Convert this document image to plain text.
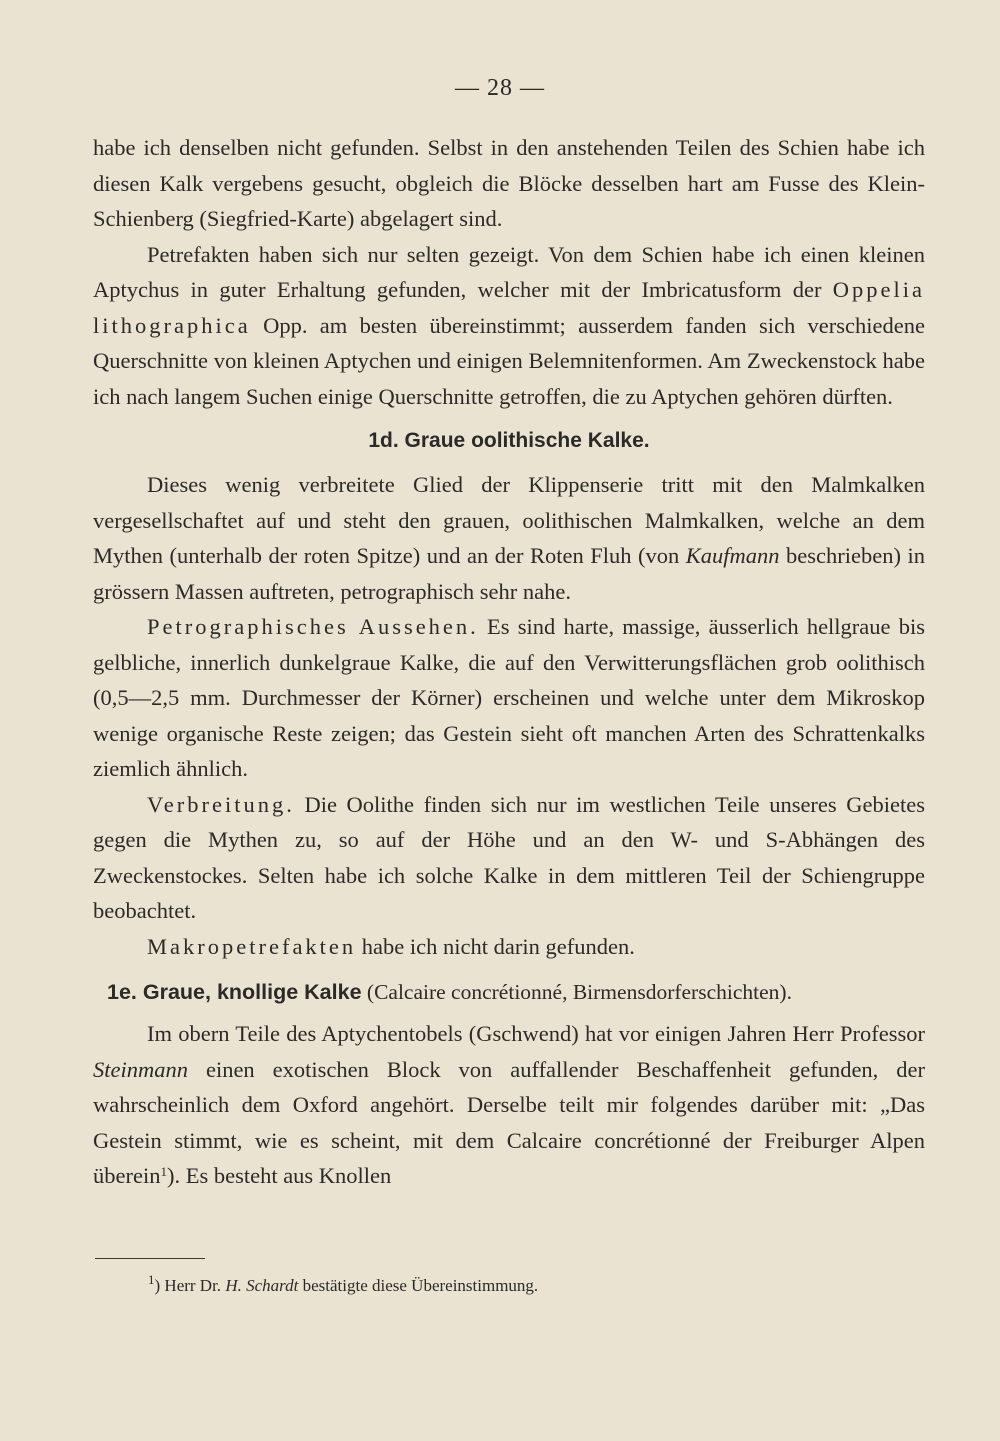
— 28 —

habe ich denselben nicht gefunden. Selbst in den anstehenden Teilen des Schien habe ich diesen Kalk vergebens gesucht, obgleich die Blöcke desselben hart am Fusse des Klein-Schienberg (Siegfried-Karte) abgelagert sind.

Petrefakten haben sich nur selten gezeigt. Von dem Schien habe ich einen kleinen Aptychus in guter Erhaltung gefunden, welcher mit der Imbricatusform der Oppelia lithographica Opp. am besten übereinstimmt; ausserdem fanden sich verschiedene Querschnitte von kleinen Aptychen und einigen Belemnitenformen. Am Zweckenstock habe ich nach langem Suchen einige Querschnitte getroffen, die zu Aptychen gehören dürften.

1d. Graue oolithische Kalke.

Dieses wenig verbreitete Glied der Klippenserie tritt mit den Malmkalken vergesellschaftet auf und steht den grauen, oolithischen Malmkalken, welche an dem Mythen (unterhalb der roten Spitze) und an der Roten Fluh (von Kaufmann beschrieben) in grössern Massen auftreten, petrographisch sehr nahe.

Petrographisches Aussehen. Es sind harte, massige, äusserlich hellgraue bis gelbliche, innerlich dunkelgraue Kalke, die auf den Verwitterungsflächen grob oolithisch (0,5—2,5 mm. Durchmesser der Körner) erscheinen und welche unter dem Mikroskop wenige organische Reste zeigen; das Gestein sieht oft manchen Arten des Schrattenkalks ziemlich ähnlich.

Verbreitung. Die Oolithe finden sich nur im westlichen Teile unseres Gebietes gegen die Mythen zu, so auf der Höhe und an den W- und S-Abhängen des Zweckenstockes. Selten habe ich solche Kalke in dem mittleren Teil der Schiengruppe beobachtet.

Makropetrefakten habe ich nicht darin gefunden.

1e. Graue, knollige Kalke (Calcaire concrétionné, Birmensdorferschichten).

Im obern Teile des Aptychentobels (Gschwend) hat vor einigen Jahren Herr Professor Steinmann einen exotischen Block von auffallender Beschaffenheit gefunden, der wahrscheinlich dem Oxford angehört. Derselbe teilt mir folgendes darüber mit: „Das Gestein stimmt, wie es scheint, mit dem Calcaire concrétionné der Freiburger Alpen überein$^1$). Es besteht aus Knollen

$^1$) Herr Dr. H. Schardt bestätigte diese Übereinstimmung.
